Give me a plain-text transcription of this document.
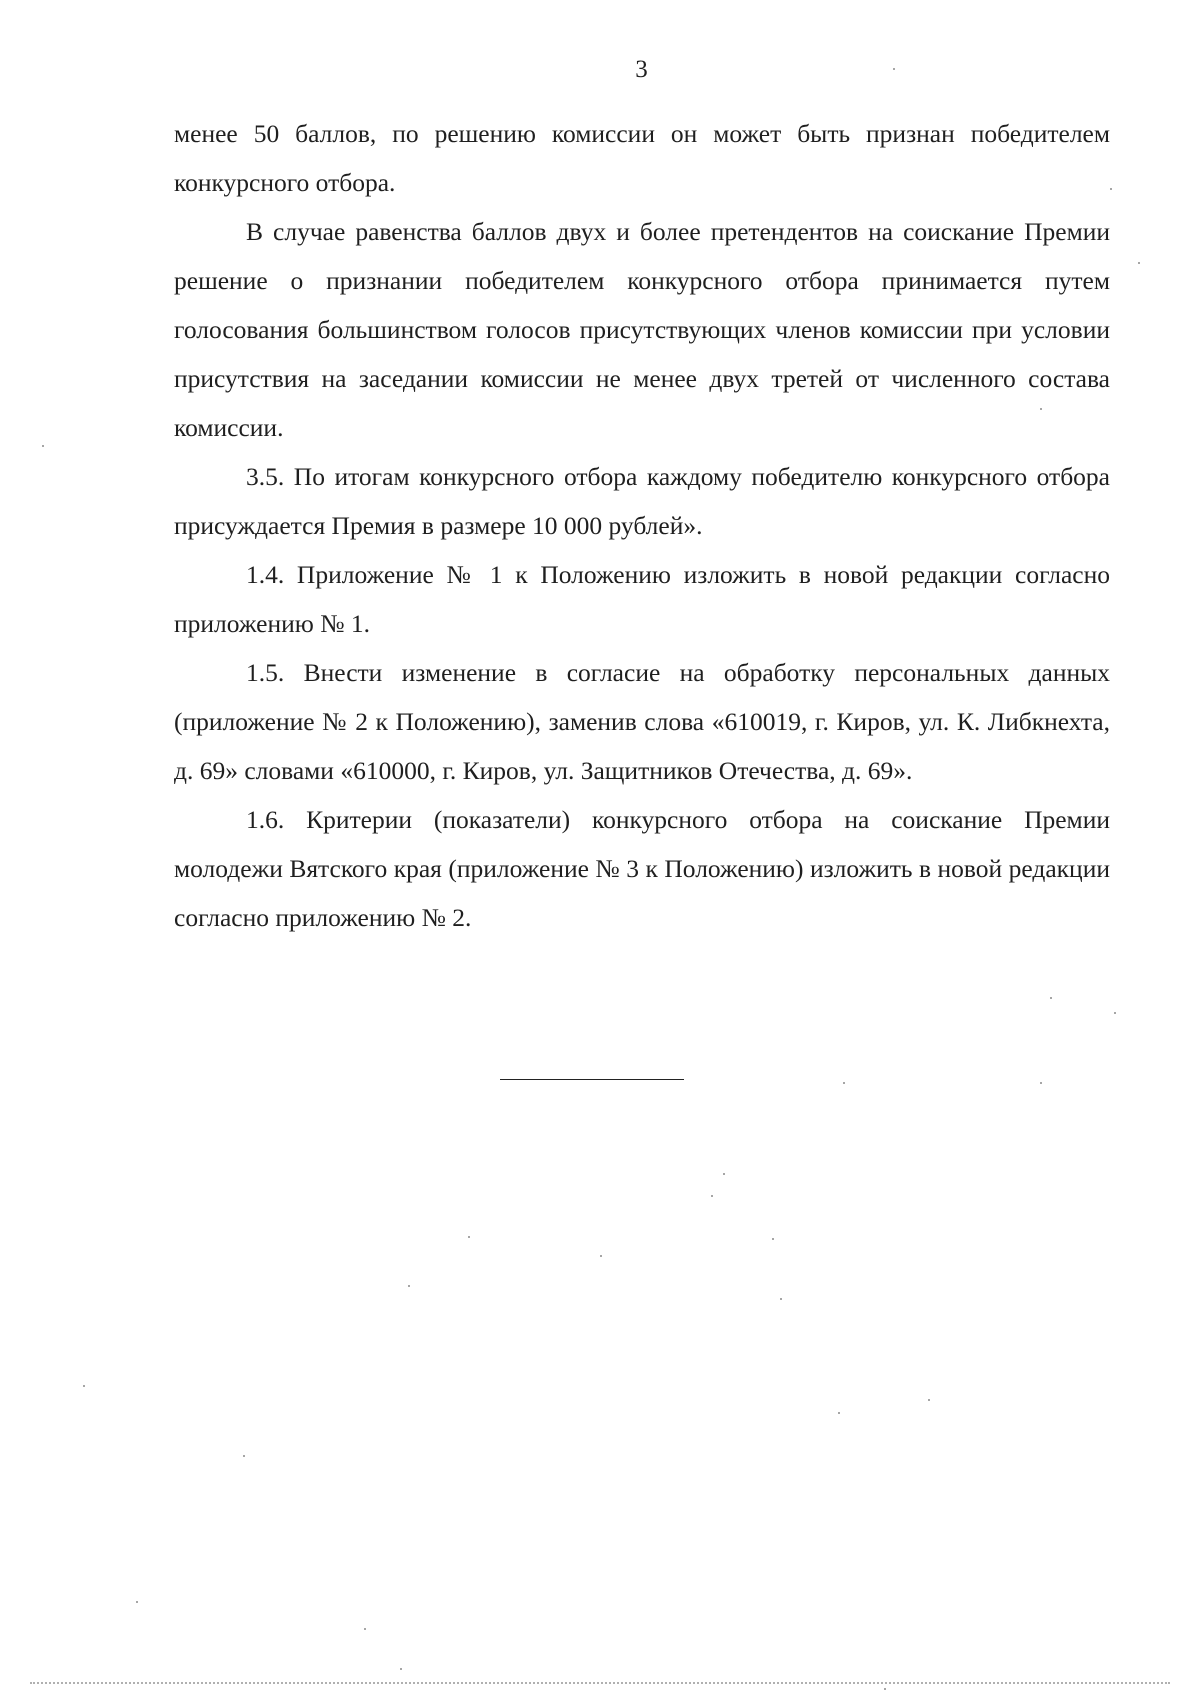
3

менее 50 баллов, по решению комиссии он может быть признан победителем конкурсного отбора.

В случае равенства баллов двух и более претендентов на соискание Премии решение о признании победителем конкурсного отбора принимается путем голосования большинством голосов присутствующих членов комиссии при условии присутствия на заседании комиссии не менее двух третей от численного состава комиссии.

3.5. По итогам конкурсного отбора каждому победителю конкурсного отбора присуждается Премия в размере 10 000 рублей».

1.4. Приложение № 1 к Положению изложить в новой редакции согласно приложению № 1.

1.5. Внести изменение в согласие на обработку персональных данных (приложение № 2 к Положению), заменив слова «610019, г. Киров, ул. К. Либкнехта, д. 69» словами «610000, г. Киров, ул. Защитников Отечества, д. 69».

1.6. Критерии (показатели) конкурсного отбора на соискание Премии молодежи Вятского края (приложение № 3 к Положению) изложить в новой редакции согласно приложению № 2.
